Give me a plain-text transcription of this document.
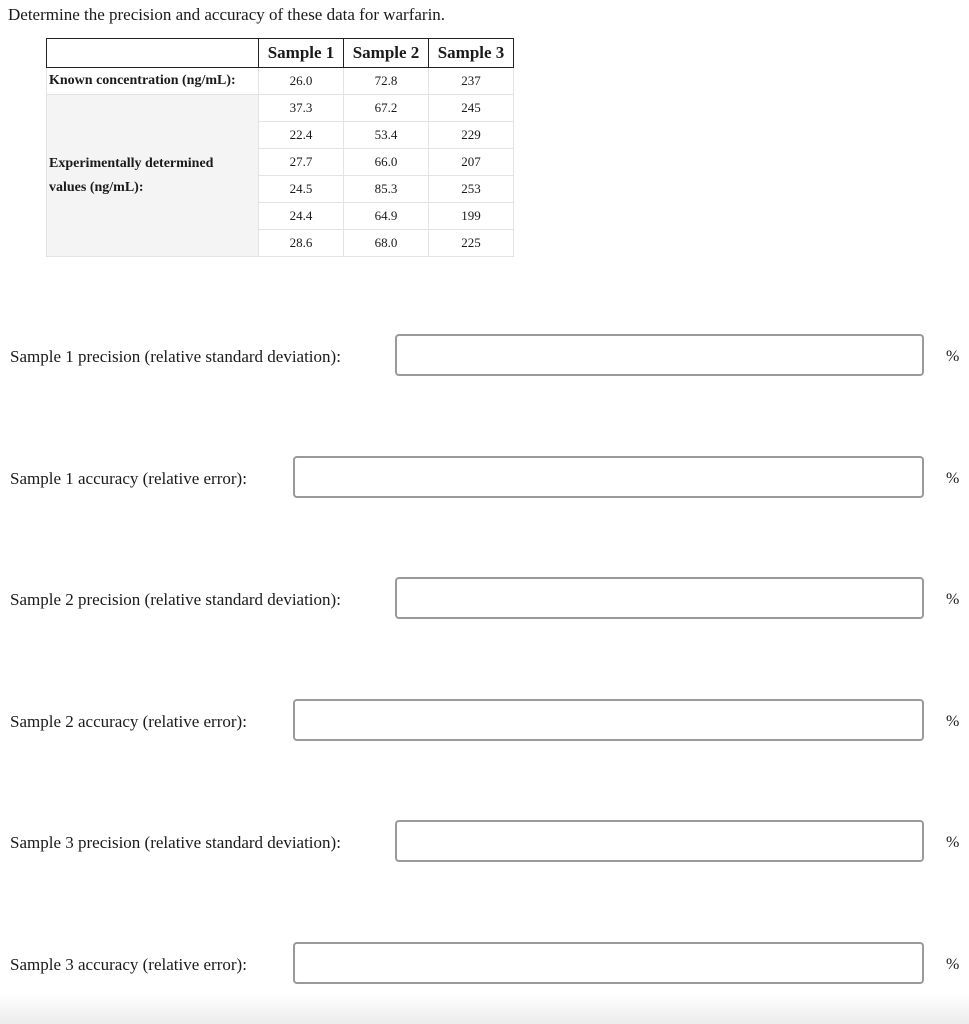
Determine the precision and accuracy of these data for warfarin.
	Sample 1	Sample 2	Sample 3
Known concentration (ng/mL):	26.0	72.8	237

Experimentally determined
values (ng/mL):	37.3	67.2	245
	22.4	53.4	229
	27.7	66.0	207
	24.5	85.3	253
	24.4	64.9	199
	28.6	68.0	225
Sample 1 precision (relative standard deviation):	%
Sample 1 accuracy (relative error):	%
Sample 2 precision (relative standard deviation):	%
Sample 2 accuracy (relative error):	%
Sample 3 precision (relative standard deviation):	%
Sample 3 accuracy (relative error):	%
